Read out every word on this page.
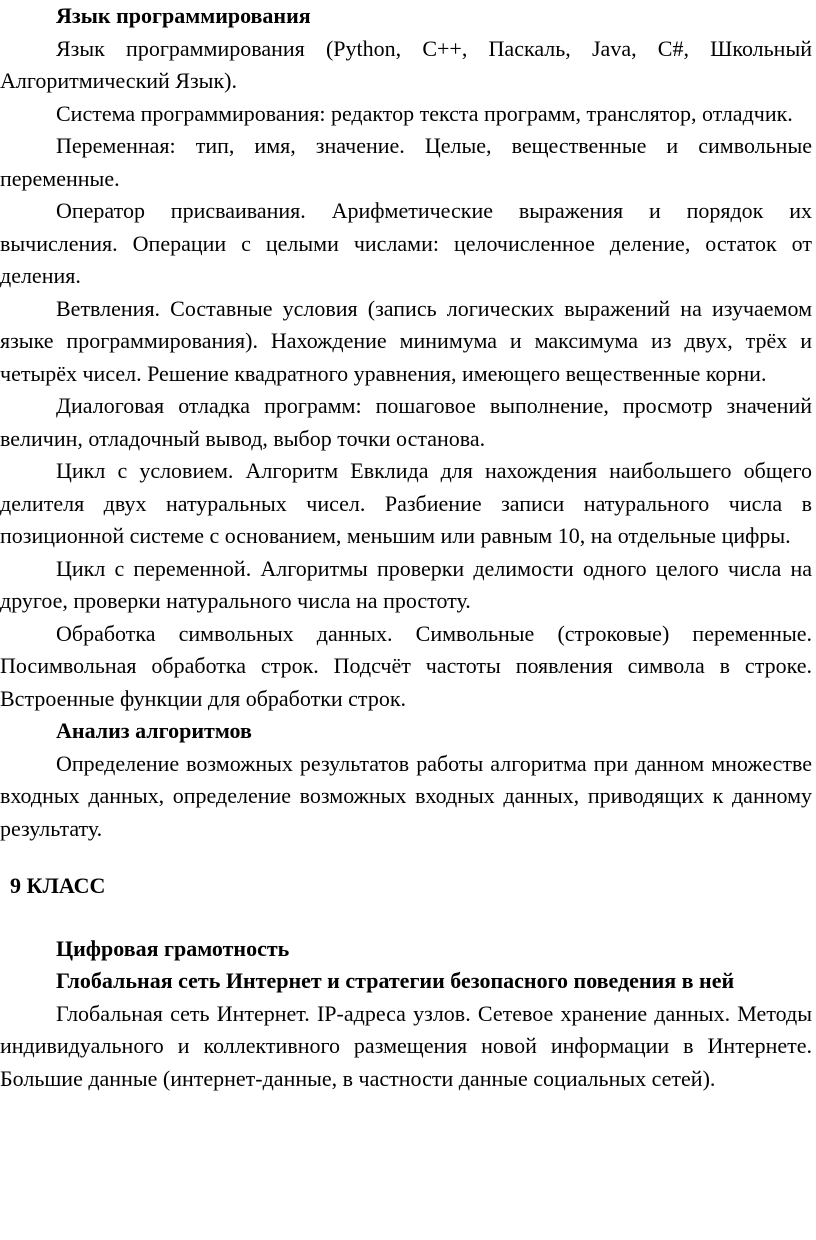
Язык программирования

Язык программирования (Python, C++, Паскаль, Java, C#, Школьный Алгоритмический Язык).

Система программирования: редактор текста программ, транслятор, отладчик.

Переменная: тип, имя, значение. Целые, вещественные и символьные переменные.

Оператор присваивания. Арифметические выражения и порядок их вычисления. Операции с целыми числами: целочисленное деление, остаток от деления.

Ветвления. Составные условия (запись логических выражений на изучаемом языке программирования). Нахождение минимума и максимума из двух, трёх и четырёх чисел. Решение квадратного уравнения, имеющего вещественные корни.

Диалоговая отладка программ: пошаговое выполнение, просмотр значений величин, отладочный вывод, выбор точки останова.

Цикл с условием. Алгоритм Евклида для нахождения наибольшего общего делителя двух натуральных чисел. Разбиение записи натурального числа в позиционной системе с основанием, меньшим или равным 10, на отдельные цифры.

Цикл с переменной. Алгоритмы проверки делимости одного целого числа на другое, проверки натурального числа на простоту.

Обработка символьных данных. Символьные (строковые) переменные. Посимвольная обработка строк. Подсчёт частоты появления символа в строке. Встроенные функции для обработки строк.

Анализ алгоритмов

Определение возможных результатов работы алгоритма при данном множестве входных данных, определение возможных входных данных, приводящих к данному результату.

9 КЛАСС

Цифровая грамотность

Глобальная сеть Интернет и стратегии безопасного поведения в ней

Глобальная сеть Интернет. IP-адреса узлов. Сетевое хранение данных. Методы индивидуального и коллективного размещения новой информации в Интернете. Большие данные (интернет-данные, в частности данные социальных сетей).
